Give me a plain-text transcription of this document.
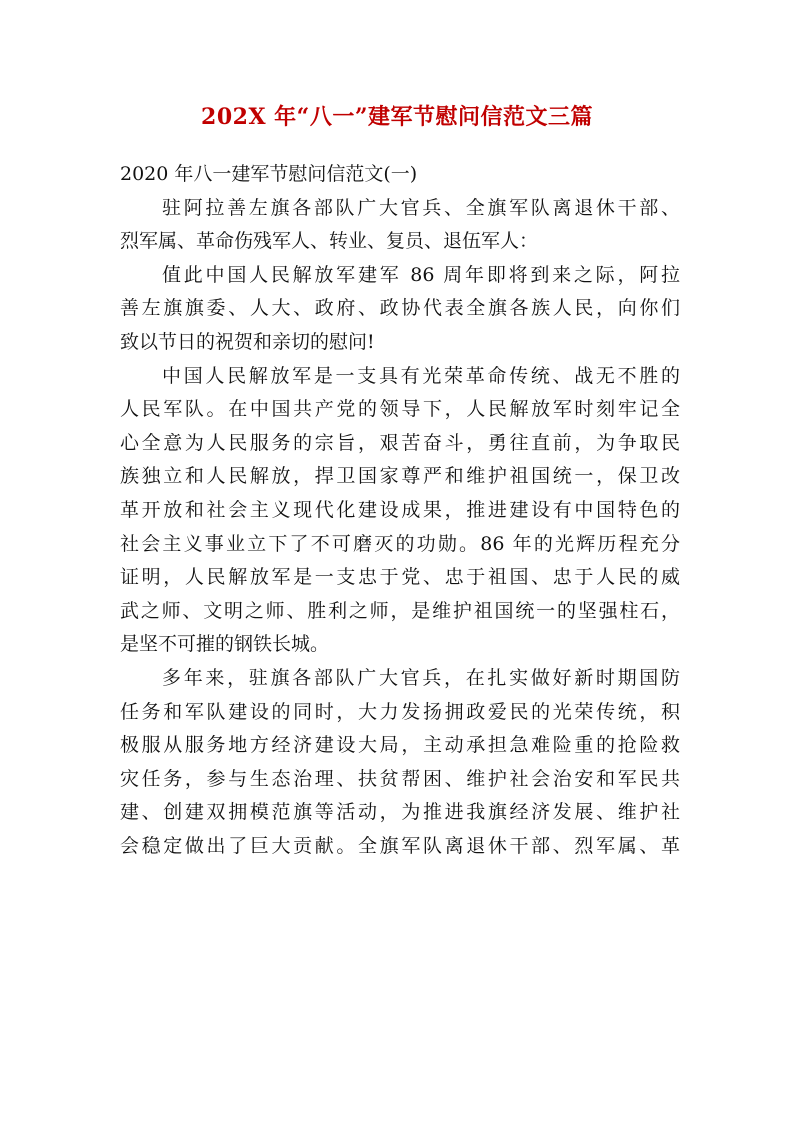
202X 年“八一”建军节慰问信范文三篇
2020 年八一建军节慰问信范文(一)
驻阿拉善左旗各部队广大官兵、全旗军队离退休干部、
烈军属、革命伤残军人、转业、复员、退伍军人：
值此中国人民解放军建军 86 周年即将到来之际，阿拉
善左旗旗委、人大、政府、政协代表全旗各族人民，向你们
致以节日的祝贺和亲切的慰问!
中国人民解放军是一支具有光荣革命传统、战无不胜的
人民军队。在中国共产党的领导下，人民解放军时刻牢记全
心全意为人民服务的宗旨，艰苦奋斗，勇往直前，为争取民
族独立和人民解放，捍卫国家尊严和维护祖国统一，保卫改
革开放和社会主义现代化建设成果，推进建设有中国特色的
社会主义事业立下了不可磨灭的功勋。86 年的光辉历程充分
证明，人民解放军是一支忠于党、忠于祖国、忠于人民的威
武之师、文明之师、胜利之师，是维护祖国统一的坚强柱石，
是坚不可摧的钢铁长城。
多年来，驻旗各部队广大官兵，在扎实做好新时期国防
任务和军队建设的同时，大力发扬拥政爱民的光荣传统，积
极服从服务地方经济建设大局，主动承担急难险重的抢险救
灾任务，参与生态治理、扶贫帮困、维护社会治安和军民共
建、创建双拥模范旗等活动，为推进我旗经济发展、维护社
会稳定做出了巨大贡献。全旗军队离退休干部、烈军属、革
